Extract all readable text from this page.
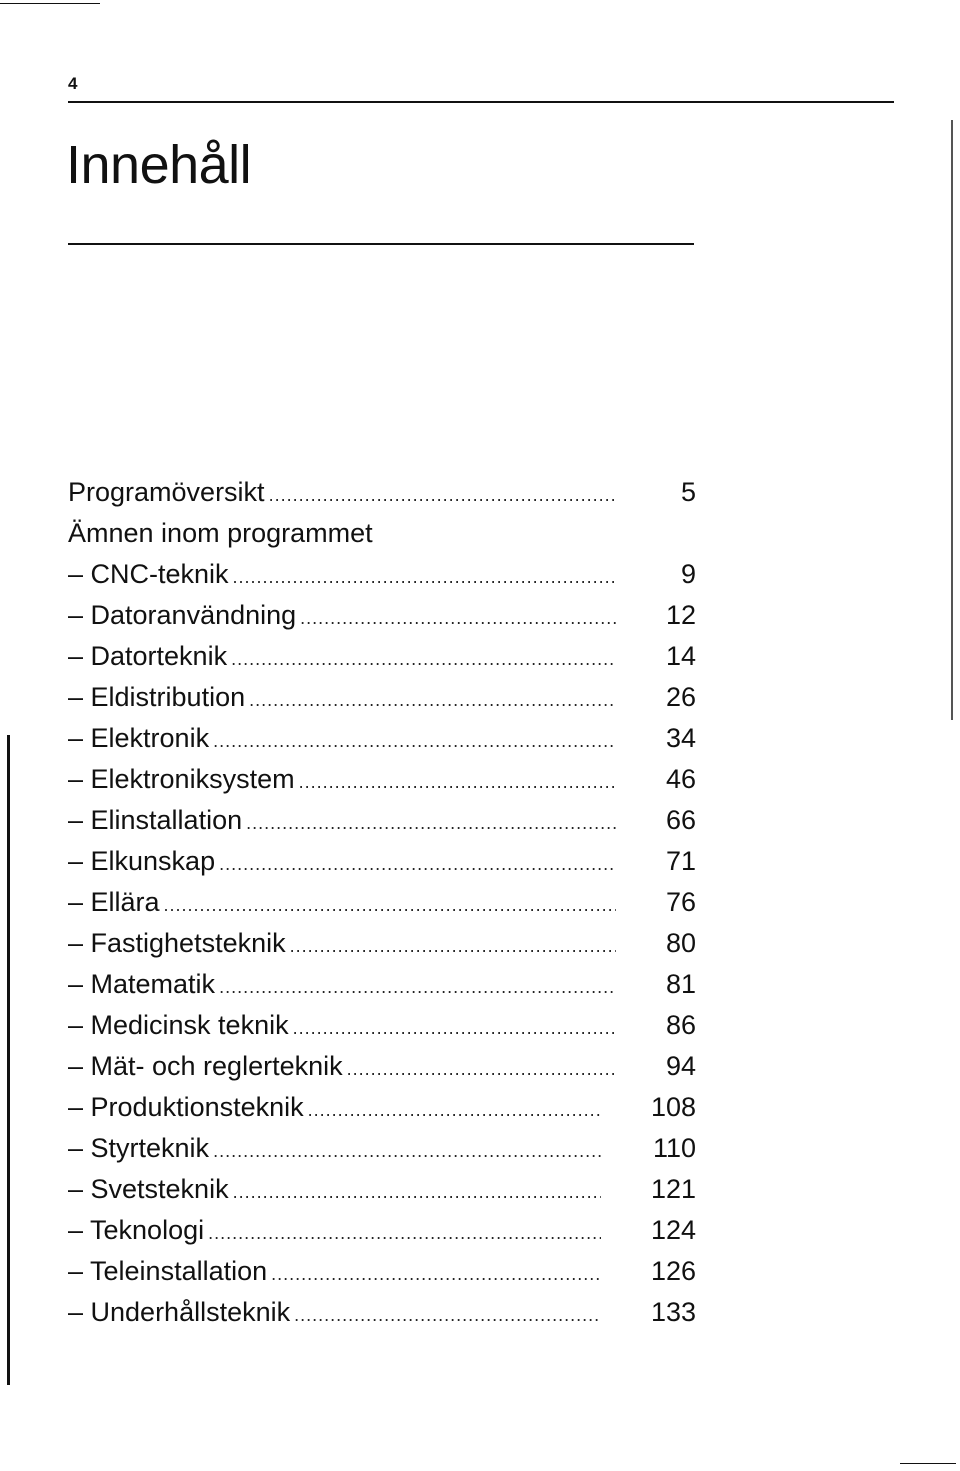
4
Innehåll
Programöversikt .....	5
Ämnen inom programmet
– CNC-teknik .....	9
– Datoranvändning .....	12
– Datorteknik .....	14
– Eldistribution .....	26
– Elektronik .....	34
– Elektroniksystem .....	46
– Elinstallation .....	66
– Elkunskap .....	71
– Ellära .....	76
– Fastighetsteknik .....	80
– Matematik .....	81
– Medicinsk teknik .....	86
– Mät- och reglerteknik .....	94
– Produktionsteknik .....	108
– Styrteknik .....	110
– Svetsteknik .....	121
– Teknologi .....	124
– Teleinstallation .....	126
– Underhållsteknik .....	133
